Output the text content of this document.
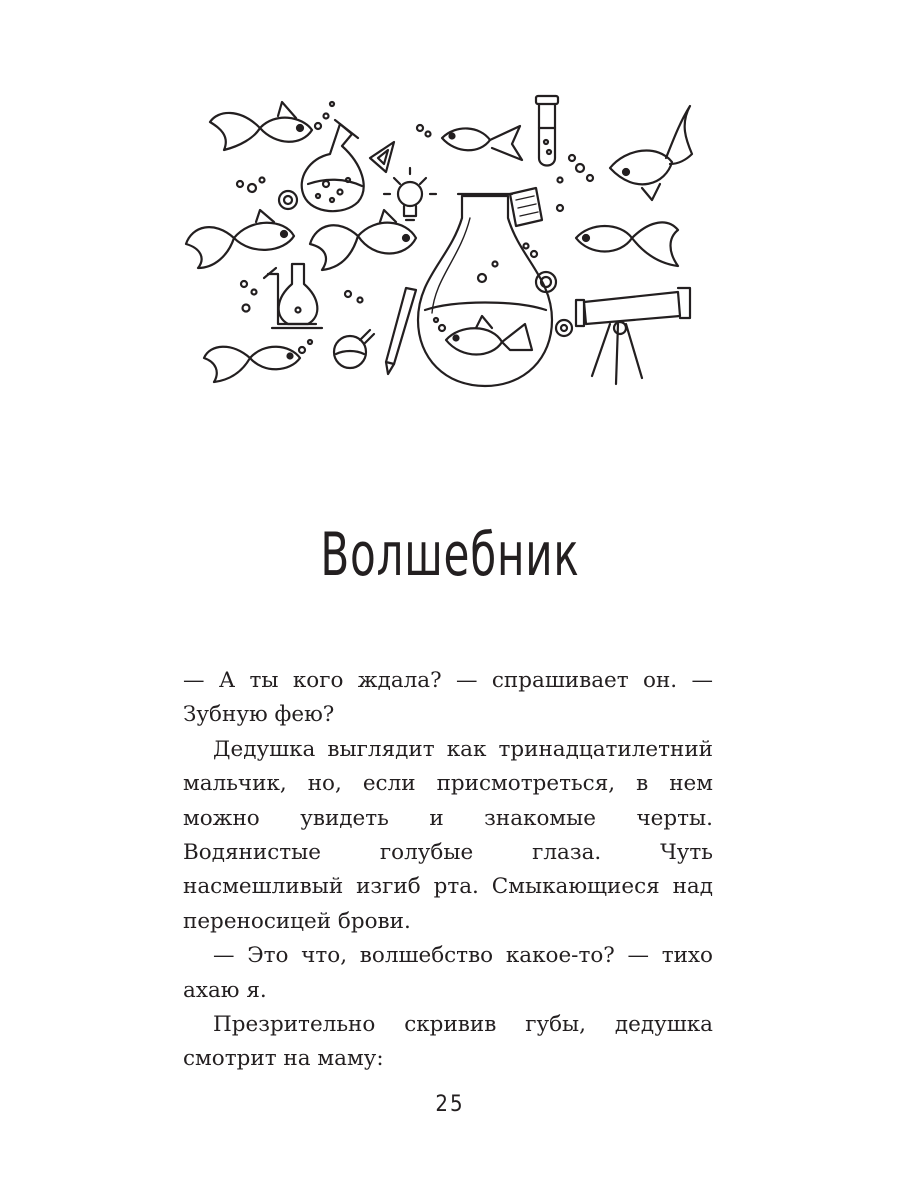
Волшебник

— А ты кого ждала? — спрашивает он. — Зубную фею?

Дедушка выглядит как тринадцатилетний мальчик, но, если присмотреться, в нем можно увидеть и знакомые черты. Водянистые голубые глаза. Чуть насмешливый изгиб рта. Смыкающиеся над переносицей брови.

— Это что, волшебство какое-то? — тихо ахаю я.

Презрительно скривив губы, дедушка смотрит на маму:

25
